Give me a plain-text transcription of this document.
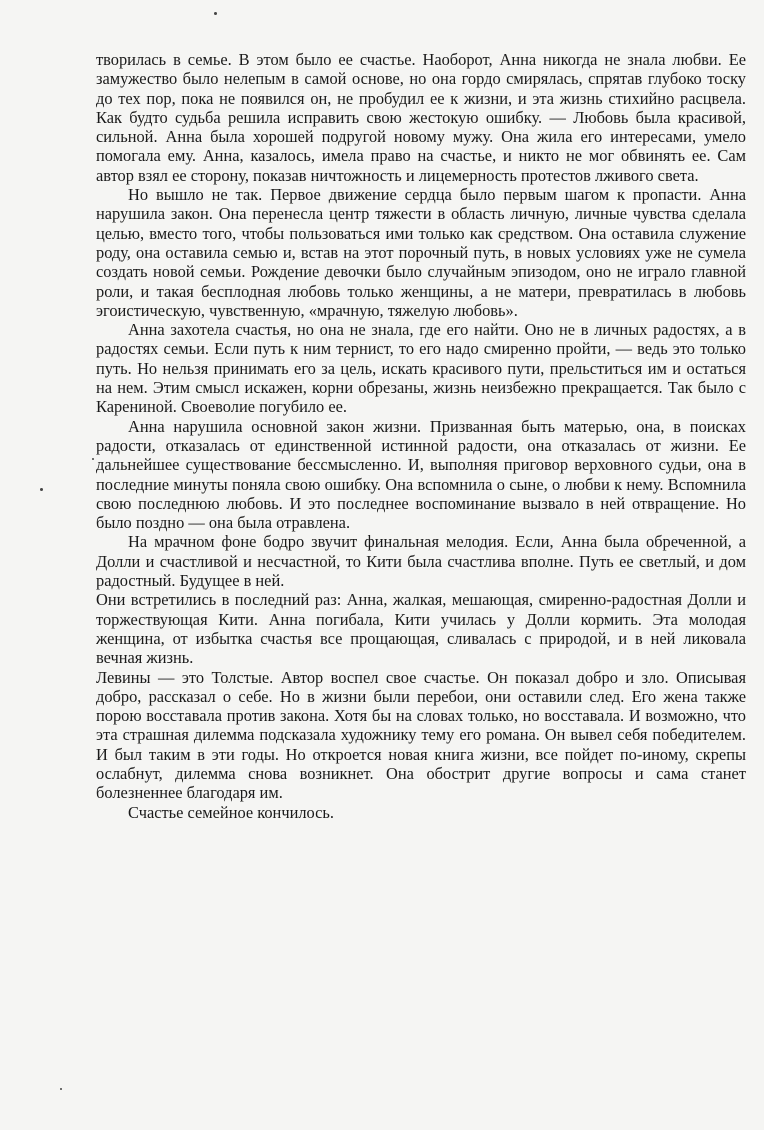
творилась в семье. В этом было ее счастье. Наоборот, Анна никогда не знала любви. Ее замужество было нелепым в самой основе, но она гордо смирялась, спрятав глубоко тоску до тех пор, пока не появился он, не пробудил ее к жизни, и эта жизнь стихийно расцвела. Как будто судьба решила исправить свою жестокую ошибку. — Любовь была красивой, сильной. Анна была хорошей подругой новому мужу. Она жила его интересами, умело помогала ему. Анна, казалось, имела право на счастье, и никто не мог обвинять ее. Сам автор взял ее сторону, показав ничтожность и лицемерность протестов лживого света.

Но вышло не так. Первое движение сердца было первым шагом к пропасти. Анна нарушила закон. Она перенесла центр тяжести в область личную, личные чувства сделала целью, вместо того, чтобы пользоваться ими только как средством. Она оставила служение роду, она оставила семью и, встав на этот порочный путь, в новых условиях уже не сумела создать новой семьи. Рождение девочки было случайным эпизодом, оно не играло главной роли, и такая бесплодная любовь только женщины, а не матери, превратилась в любовь эгоистическую, чувственную, «мрачную, тяжелую любовь».

Анна захотела счастья, но она не знала, где его найти. Оно не в личных радостях, а в радостях семьи. Если путь к ним тернист, то его надо смиренно пройти, — ведь это только путь. Но нельзя принимать его за цель, искать красивого пути, прельститься им и остаться на нем. Этим смысл искажен, корни обрезаны, жизнь неизбежно прекращается. Так было с Карениной. Своеволие погубило ее.

Анна нарушила основной закон жизни. Призванная быть матерью, она, в поисках радости, отказалась от единственной истинной радости, она отказалась от жизни. Ее дальнейшее существование бессмысленно. И, выполняя приговор верховного судьи, она в последние минуты поняла свою ошибку. Она вспомнила о сыне, о любви к нему. Вспомнила свою последнюю любовь. И это последнее воспоминание вызвало в ней отвращение. Но было поздно — она была отравлена.

На мрачном фоне бодро звучит финальная мелодия. Если, Анна была обреченной, а Долли и счастливой и несчастной, то Кити была счастлива вполне. Путь ее светлый, и дом радостный. Будущее в ней.

Они встретились в последний раз: Анна, жалкая, мешающая, смиренно-радостная Долли и торжествующая Кити. Анна погибала, Кити училась у Долли кормить. Эта молодая женщина, от избытка счастья все прощающая, сливалась с природой, и в ней ликовала вечная жизнь.

Левины — это Толстые. Автор воспел свое счастье. Он показал добро и зло. Описывая добро, рассказал о себе. Но в жизни были перебои, они оставили след. Его жена также порою восставала против закона. Хотя бы на словах только, но восставала. И возможно, что эта страшная дилемма подсказала художнику тему его романа. Он вывел себя победителем. И был таким в эти годы. Но откроется новая книга жизни, все пойдет по-иному, скрепы ослабнут, дилемма снова возникнет. Она обострит другие вопросы и сама станет болезненнее благодаря им.

Счастье семейное кончилось.
